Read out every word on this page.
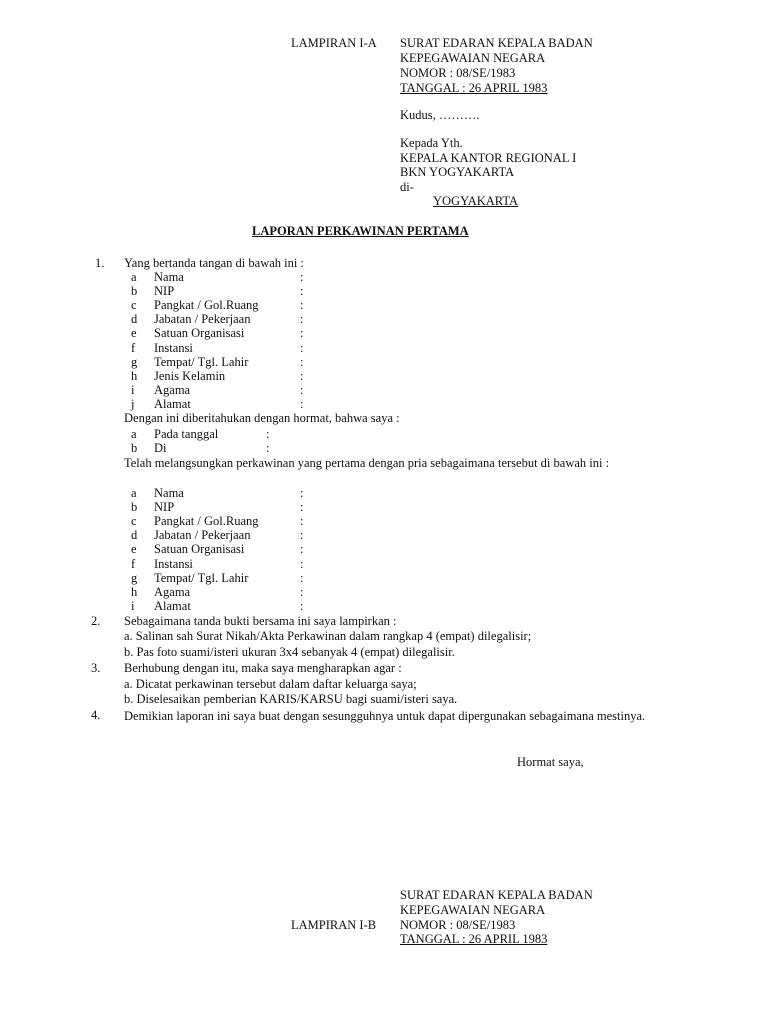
LAMPIRAN I-A SURAT EDARAN KEPALA BADAN
KEPEGAWAIAN NEGARA
NOMOR : 08/SE/1983
TANGGAL : 26 APRIL 1983
Kudus, ……….
Kepada Yth.
KEPALA KANTOR REGIONAL I
BKN YOGYAKARTA
di-
YOGYAKARTA
LAPORAN PERKAWINAN PERTAMA
1. Yang bertanda tangan di bawah ini :
a Nama	:
b NIP	:
c Pangkat / Gol.Ruang	:
d Jabatan / Pekerjaan	:
e Satuan Organisasi	:
f Instansi	:
g Tempat/ Tgl. Lahir	:
h Jenis Kelamin	:
i Agama	:
j Alamat	:
Dengan ini diberitahukan dengan hormat, bahwa saya :
a Pada tanggal	:
b Di	:
Telah melangsungkan perkawinan yang pertama dengan pria sebagaimana tersebut di bawah ini :
a Nama	:
b NIP	:
c Pangkat / Gol.Ruang	:
d Jabatan / Pekerjaan	:
e Satuan Organisasi	:
f Instansi	:
g Tempat/ Tgl. Lahir	:
h Agama	:
i Alamat	:
2. Sebagaimana tanda bukti bersama ini saya lampirkan :
a. Salinan sah Surat Nikah/Akta Perkawinan dalam rangkap 4 (empat) dilegalisir;
b. Pas foto suami/isteri ukuran 3x4 sebanyak 4 (empat) dilegalisir.
3. Berhubung dengan itu, maka saya mengharapkan agar :
a. Dicatat perkawinan tersebut dalam daftar keluarga saya;
b. Diselesaikan pemberian KARIS/KARSU bagi suami/isteri saya.
4. Demikian laporan ini saya buat dengan sesungguhnya untuk dapat dipergunakan sebagaimana mestinya.
Hormat saya,
SURAT EDARAN KEPALA BADAN
KEPEGAWAIAN NEGARA
LAMPIRAN I-B NOMOR : 08/SE/1983
TANGGAL : 26 APRIL 1983
